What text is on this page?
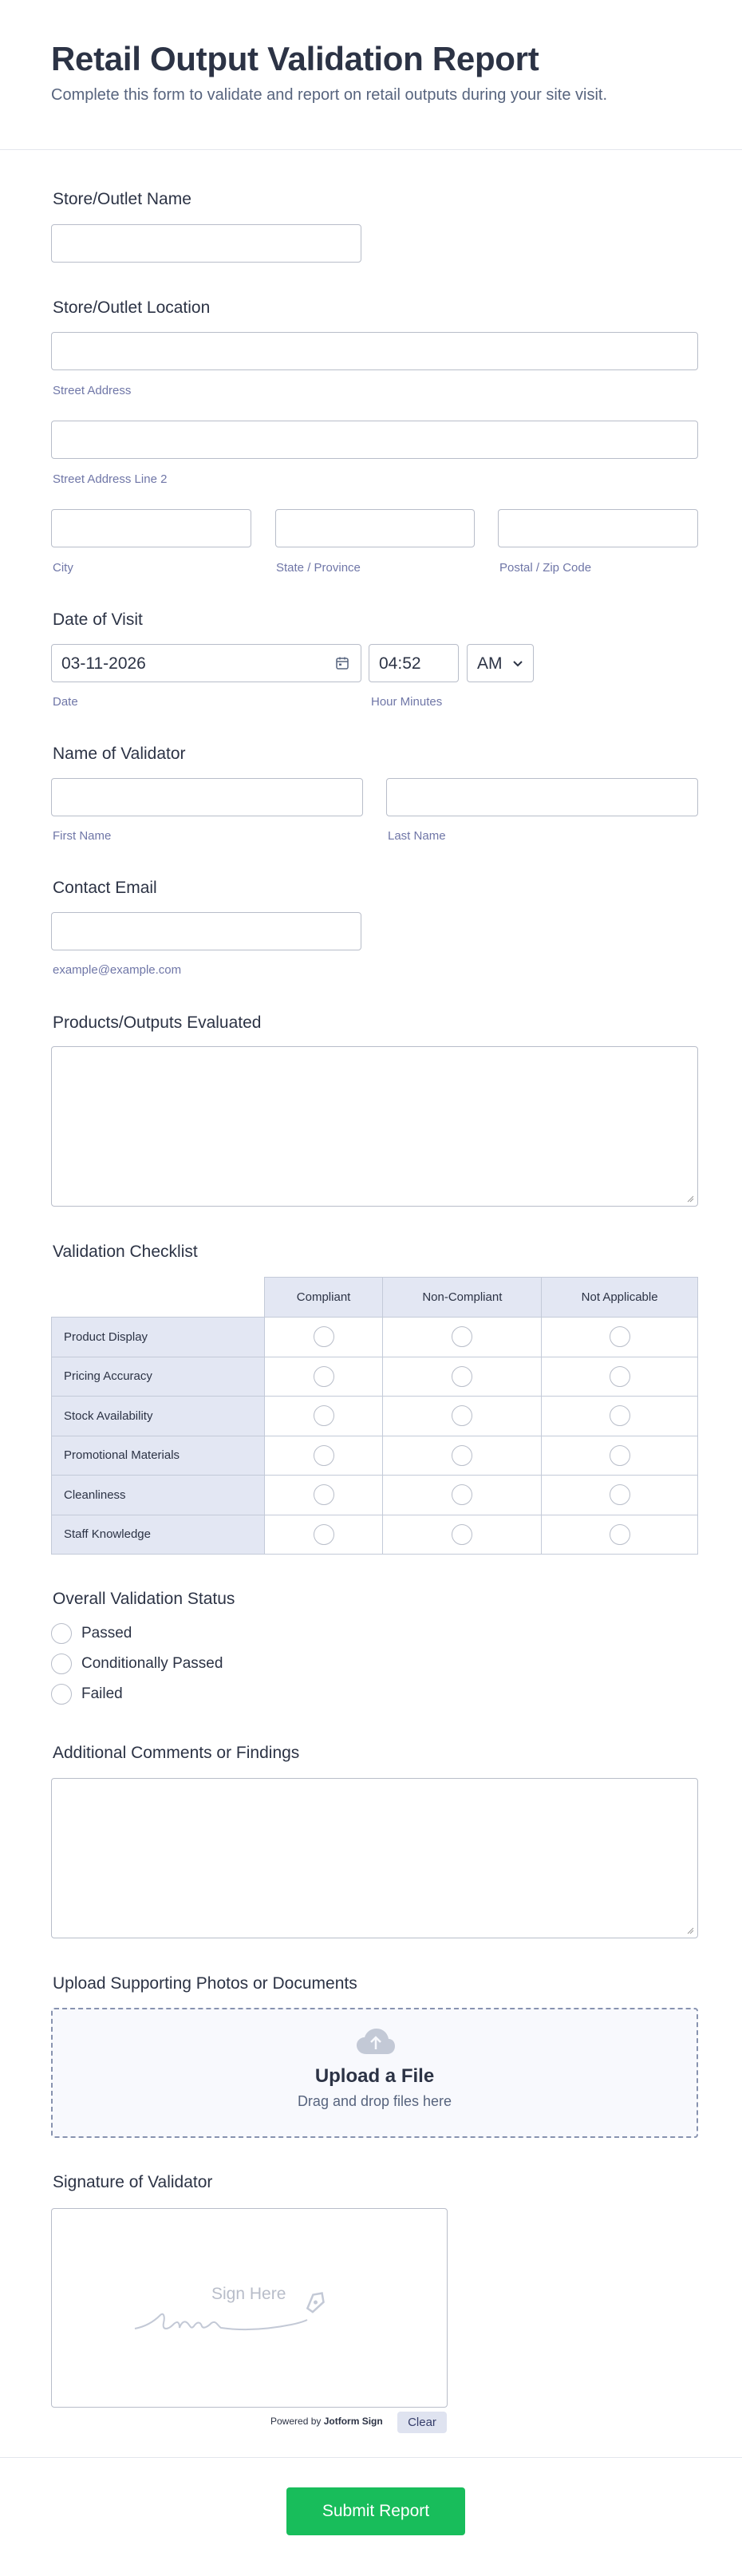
Retail Output Validation Report
Complete this form to validate and report on retail outputs during your site visit.
Store/Outlet Name
Store/Outlet Location
Street Address
Street Address Line 2
City	State / Province	Postal / Zip Code
Date of Visit
03-11-2026
Date
04:52	AM
Hour Minutes
Name of Validator
First Name	Last Name
Contact Email
example@example.com
Products/Outputs Evaluated
Validation Checklist
	Compliant	Non-Compliant	Not Applicable
Product Display			
Pricing Accuracy			
Stock Availability			
Promotional Materials			
Cleanliness			
Staff Knowledge			
Overall Validation Status
Passed
Conditionally Passed
Failed
Additional Comments or Findings
Upload Supporting Photos or Documents
Upload a File
Drag and drop files here
Signature of Validator
Sign Here
Powered by Jotform Sign	Clear
Submit Report
